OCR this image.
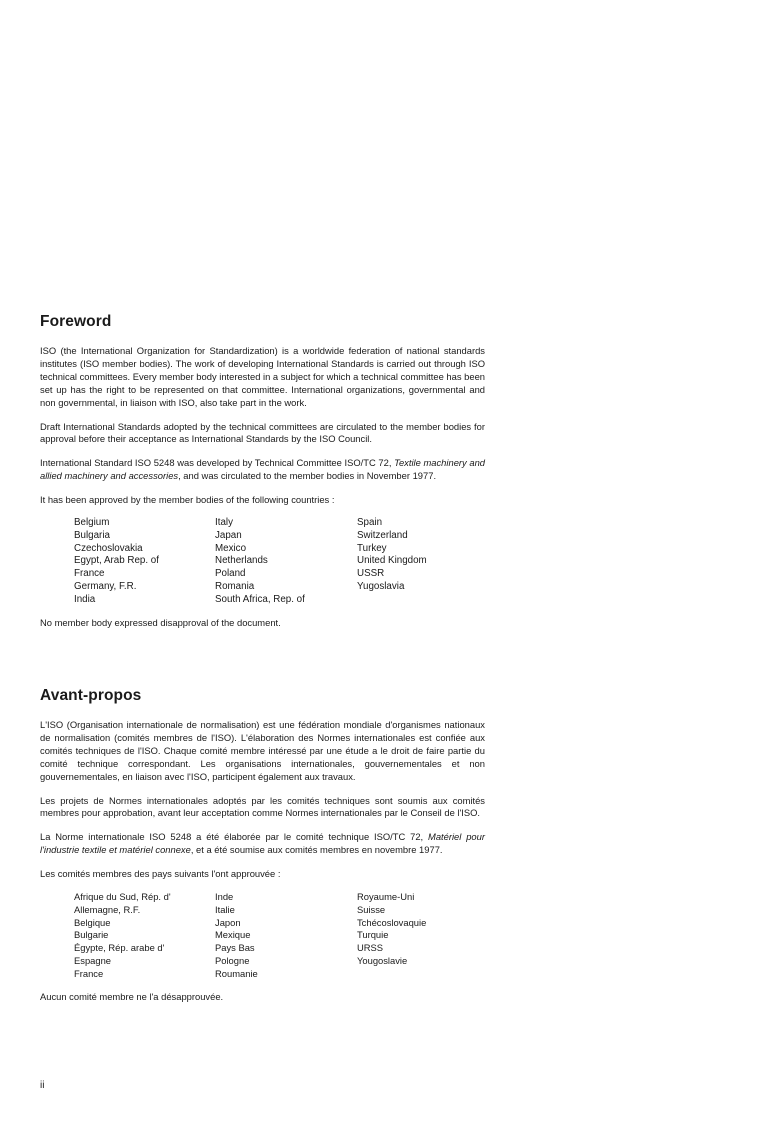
Foreword

ISO (the International Organization for Standardization) is a worldwide federation of national standards institutes (ISO member bodies). The work of developing International Standards is carried out through ISO technical committees. Every member body interested in a subject for which a technical committee has been set up has the right to be represented on that committee. International organizations, governmental and non governmental, in liaison with ISO, also take part in the work.

Draft International Standards adopted by the technical committees are circulated to the member bodies for approval before their acceptance as International Standards by the ISO Council.

International Standard ISO 5248 was developed by Technical Committee ISO/TC 72, Textile machinery and allied machinery and accessories, and was circulated to the member bodies in November 1977.

It has been approved by the member bodies of the following countries :

Belgium
Bulgaria
Czechoslovakia
Egypt, Arab Rep. of
France
Germany, F.R.
India
Italy
Japan
Mexico
Netherlands
Poland
Romania
South Africa, Rep. of
Spain
Switzerland
Turkey
United Kingdom
USSR
Yugoslavia

No member body expressed disapproval of the document.

Avant-propos

L'ISO (Organisation internationale de normalisation) est une fédération mondiale d'organismes nationaux de normalisation (comités membres de l'ISO). L'élaboration des Normes internationales est confiée aux comités techniques de l'ISO. Chaque comité membre intéressé par une étude a le droit de faire partie du comité technique correspondant. Les organisations internationales, gouvernementales et non gouvernementales, en liaison avec l'ISO, participent également aux travaux.

Les projets de Normes internationales adoptés par les comités techniques sont soumis aux comités membres pour approbation, avant leur acceptation comme Normes internationales par le Conseil de l'ISO.

La Norme internationale ISO 5248 a été élaborée par le comité technique ISO/TC 72, Matériel pour l'industrie textile et matériel connexe, et a été soumise aux comités membres en novembre 1977.

Les comités membres des pays suivants l'ont approuvée :

Afrique du Sud, Rép. d'
Allemagne, R.F.
Belgique
Bulgarie
Égypte, Rép. arabe d'
Espagne
France
Inde
Italie
Japon
Mexique
Pays Bas
Pologne
Roumanie
Royaume-Uni
Suisse
Tchécoslovaquie
Turquie
URSS
Yougoslavie

Aucun comité membre ne l'a désapprouvée.

ii
